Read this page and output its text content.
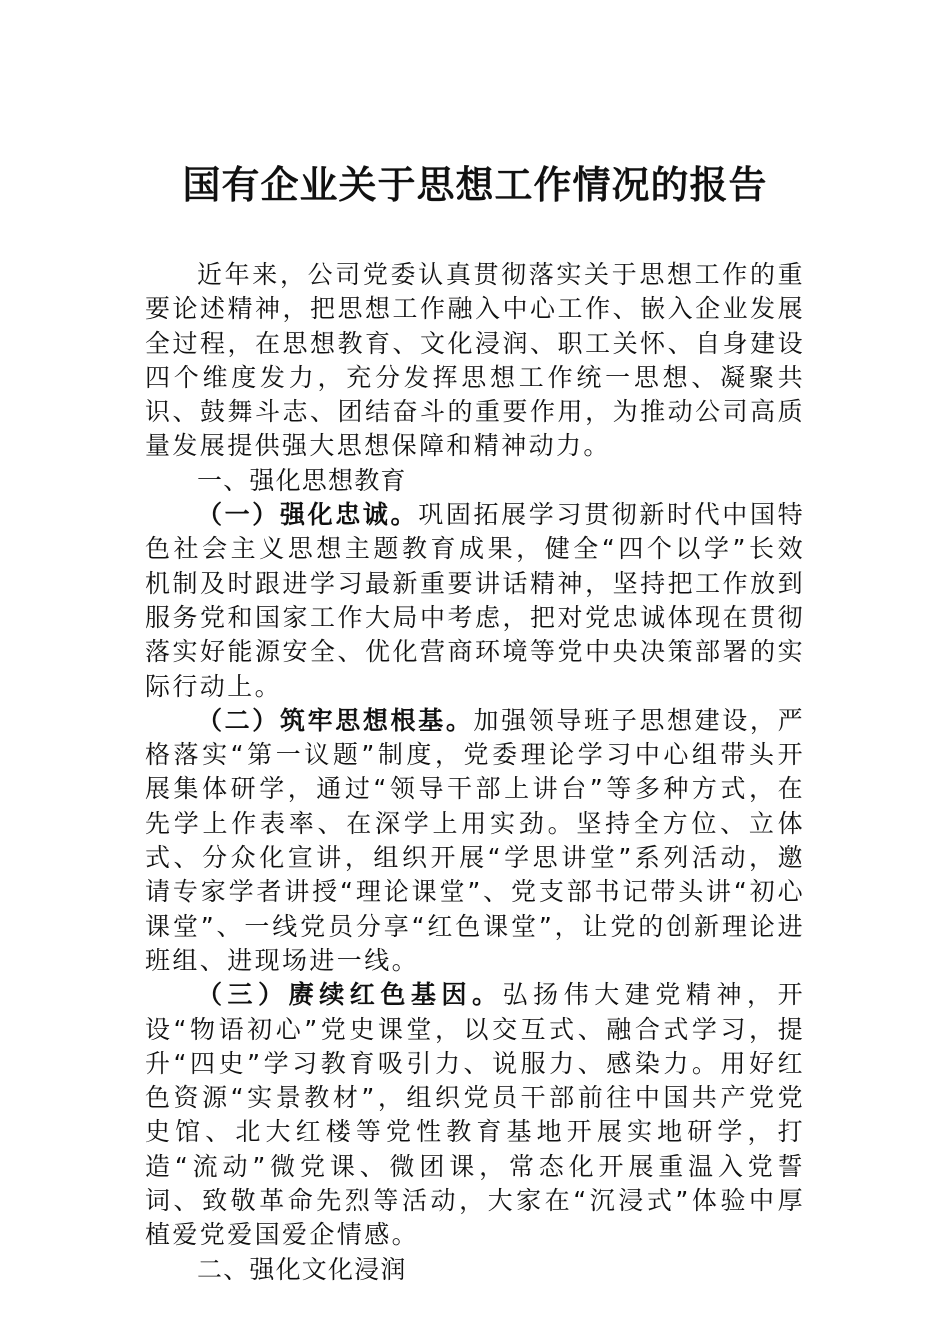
国有企业关于思想工作情况的报告

近年来，公司党委认真贯彻落实关于思想工作的重要论述精神，把思想工作融入中心工作、嵌入企业发展全过程，在思想教育、文化浸润、职工关怀、自身建设四个维度发力，充分发挥思想工作统一思想、凝聚共识、鼓舞斗志、团结奋斗的重要作用，为推动公司高质量发展提供强大思想保障和精神动力。

一、强化思想教育

（一）强化忠诚。巩固拓展学习贯彻新时代中国特色社会主义思想主题教育成果，健全“四个以学”长效机制及时跟进学习最新重要讲话精神，坚持把工作放到服务党和国家工作大局中考虑，把对党忠诚体现在贯彻落实好能源安全、优化营商环境等党中央决策部署的实际行动上。

（二）筑牢思想根基。加强领导班子思想建设，严格落实“第一议题”制度，党委理论学习中心组带头开展集体研学，通过“领导干部上讲台”等多种方式，在先学上作表率、在深学上用实劲。坚持全方位、立体式、分众化宣讲，组织开展“学思讲堂”系列活动，邀请专家学者讲授“理论课堂”、党支部书记带头讲“初心课堂”、一线党员分享“红色课堂”，让党的创新理论进班组、进现场进一线。

（三）赓续红色基因。弘扬伟大建党精神，开设“物语初心”党史课堂，以交互式、融合式学习，提升“四史”学习教育吸引力、说服力、感染力。用好红色资源“实景教材”，组织党员干部前往中国共产党党史馆、北大红楼等党性教育基地开展实地研学，打造“流动”微党课、微团课，常态化开展重温入党誓词、致敬革命先烈等活动，大家在“沉浸式”体验中厚植爱党爱国爱企情感。

二、强化文化浸润
